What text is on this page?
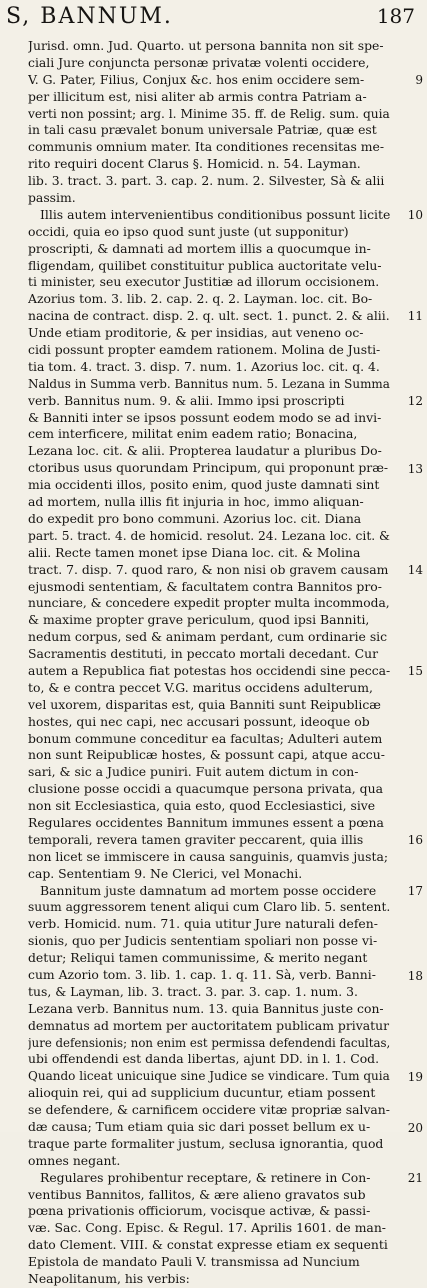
S, BANNUM.	187
Jurisd. omn. Jud. Quarto. ut persona bannita non sit spe-
ciali Jure conjuncta personæ privatæ volenti occidere,
V. G. Pater, Filius, Conjux &c. hos enim occidere sem-
per illicitum est, nisi aliter ab armis contra Patriam a-
verti non possint; arg. l. Minime 35. ff. de Relig. sum. quia
in tali casu prævalet bonum universale Patriæ, quæ est
communis omnium mater. Ita conditiones recensitas me-
rito requiri docent Clarus §. Homicid. n. 54. Layman.
lib. 3. tract. 3. part. 3. cap. 2. num. 2. Silvester, Sà & alii
passim.
Illis autem intervenientibus conditionibus possunt licite
occidi, quia eo ipso quod sunt juste (ut supponitur)
proscripti, & damnati ad mortem illis a quocumque in-
fligendam, quilibet constituitur publica auctoritate velu-
ti minister, seu executor Justitiæ ad illorum occisionem.
Azorius tom. 3. lib. 2. cap. 2. q. 2. Layman. loc. cit. Bo-
nacina de contract. disp. 2. q. ult. sect. 1. punct. 2. & alii.
Unde etiam proditorie, & per insidias, aut veneno oc-
cidi possunt propter eamdem rationem. Molina de Justi-
tia tom. 4. tract. 3. disp. 7. num. 1. Azorius loc. cit. q. 4.
Naldus in Summa verb. Bannitus num. 5. Lezana in Summa
verb. Bannitus num. 9. & alii. Immo ipsi proscripti
& Banniti inter se ipsos possunt eodem modo se ad invi-
cem interficere, militat enim eadem ratio; Bonacina,
Lezana loc. cit. & alii. Propterea laudatur a pluribus Do-
ctoribus usus quorundam Principum, qui proponunt præ-
mia occidenti illos, posito enim, quod juste damnati sint
ad mortem, nulla illis fit injuria in hoc, immo aliquan-
do expedit pro bono communi. Azorius loc. cit. Diana
part. 5. tract. 4. de homicid. resolut. 24. Lezana loc. cit. &
alii. Recte tamen monet ipse Diana loc. cit. & Molina
tract. 7. disp. 7. quod raro, & non nisi ob gravem causam
ejusmodi sententiam, & facultatem contra Bannitos pro-
nunciare, & concedere expedit propter multa incommoda,
& maxime propter grave periculum, quod ipsi Banniti,
nedum corpus, sed & animam perdant, cum ordinarie sic
Sacramentis destituti, in peccato mortali decedant. Cur
autem a Republica fiat potestas hos occidendi sine pecca-
to, & e contra peccet V.G. maritus occidens adulterum,
vel uxorem, disparitas est, quia Banniti sunt Reipublicæ
hostes, qui nec capi, nec accusari possunt, ideoque ob
bonum commune conceditur ea facultas; Adulteri autem
non sunt Reipublicæ hostes, & possunt capi, atque accu-
sari, & sic a Judice puniri. Fuit autem dictum in con-
clusione posse occidi a quacumque persona privata, qua
non sit Ecclesiastica, quia esto, quod Ecclesiastici, sive
Regulares occidentes Bannitum immunes essent a pœna
temporali, revera tamen graviter peccarent, quia illis
non licet se immiscere in causa sanguinis, quamvis justa;
cap. Sententiam 9. Ne Clerici, vel Monachi.
Bannitum juste damnatum ad mortem posse occidere
suum aggressorem tenent aliqui cum Claro lib. 5. sentent.
verb. Homicid. num. 71. quia utitur Jure naturali defen-
sionis, quo per Judicis sententiam spoliari non posse vi-
detur; Reliqui tamen communissime, & merito negant
cum Azorio tom. 3. lib. 1. cap. 1. q. 11. Sà, verb. Banni-
tus, & Layman, lib. 3. tract. 3. par. 3. cap. 1. num. 3.
Lezana verb. Bannitus num. 13. quia Bannitus juste con-
demnatus ad mortem per auctoritatem publicam privatur
jure defensionis; non enim est permissa defendendi facultas,
ubi offendendi est danda libertas, ajunt DD. in l. 1. Cod.
Quando liceat unicuique sine Judice se vindicare. Tum quia
alioquin rei, qui ad supplicium ducuntur, etiam possent
se defendere, & carnificem occidere vitæ propriæ salvan-
dæ causa; Tum etiam quia sic dari posset bellum ex u-
traque parte formaliter justum, seclusa ignorantia, quod
omnes negant.
Regulares prohibentur receptare, & retinere in Con-
ventibus Bannitos, fallitos, & ære alieno gravatos sub
pœna privationis officiorum, vocisque activæ, & passi-
væ. Sac. Cong. Episc. & Regul. 17. Aprilis 1601. de man-
dato Clement. VIII. & constat expresse etiam ex sequenti
Epistola de mandato Pauli V. transmissa ad Nuncium
Neapolitanum, his verbis:
9
10
11
12
13
14
15
16
17
18
19
20
21
